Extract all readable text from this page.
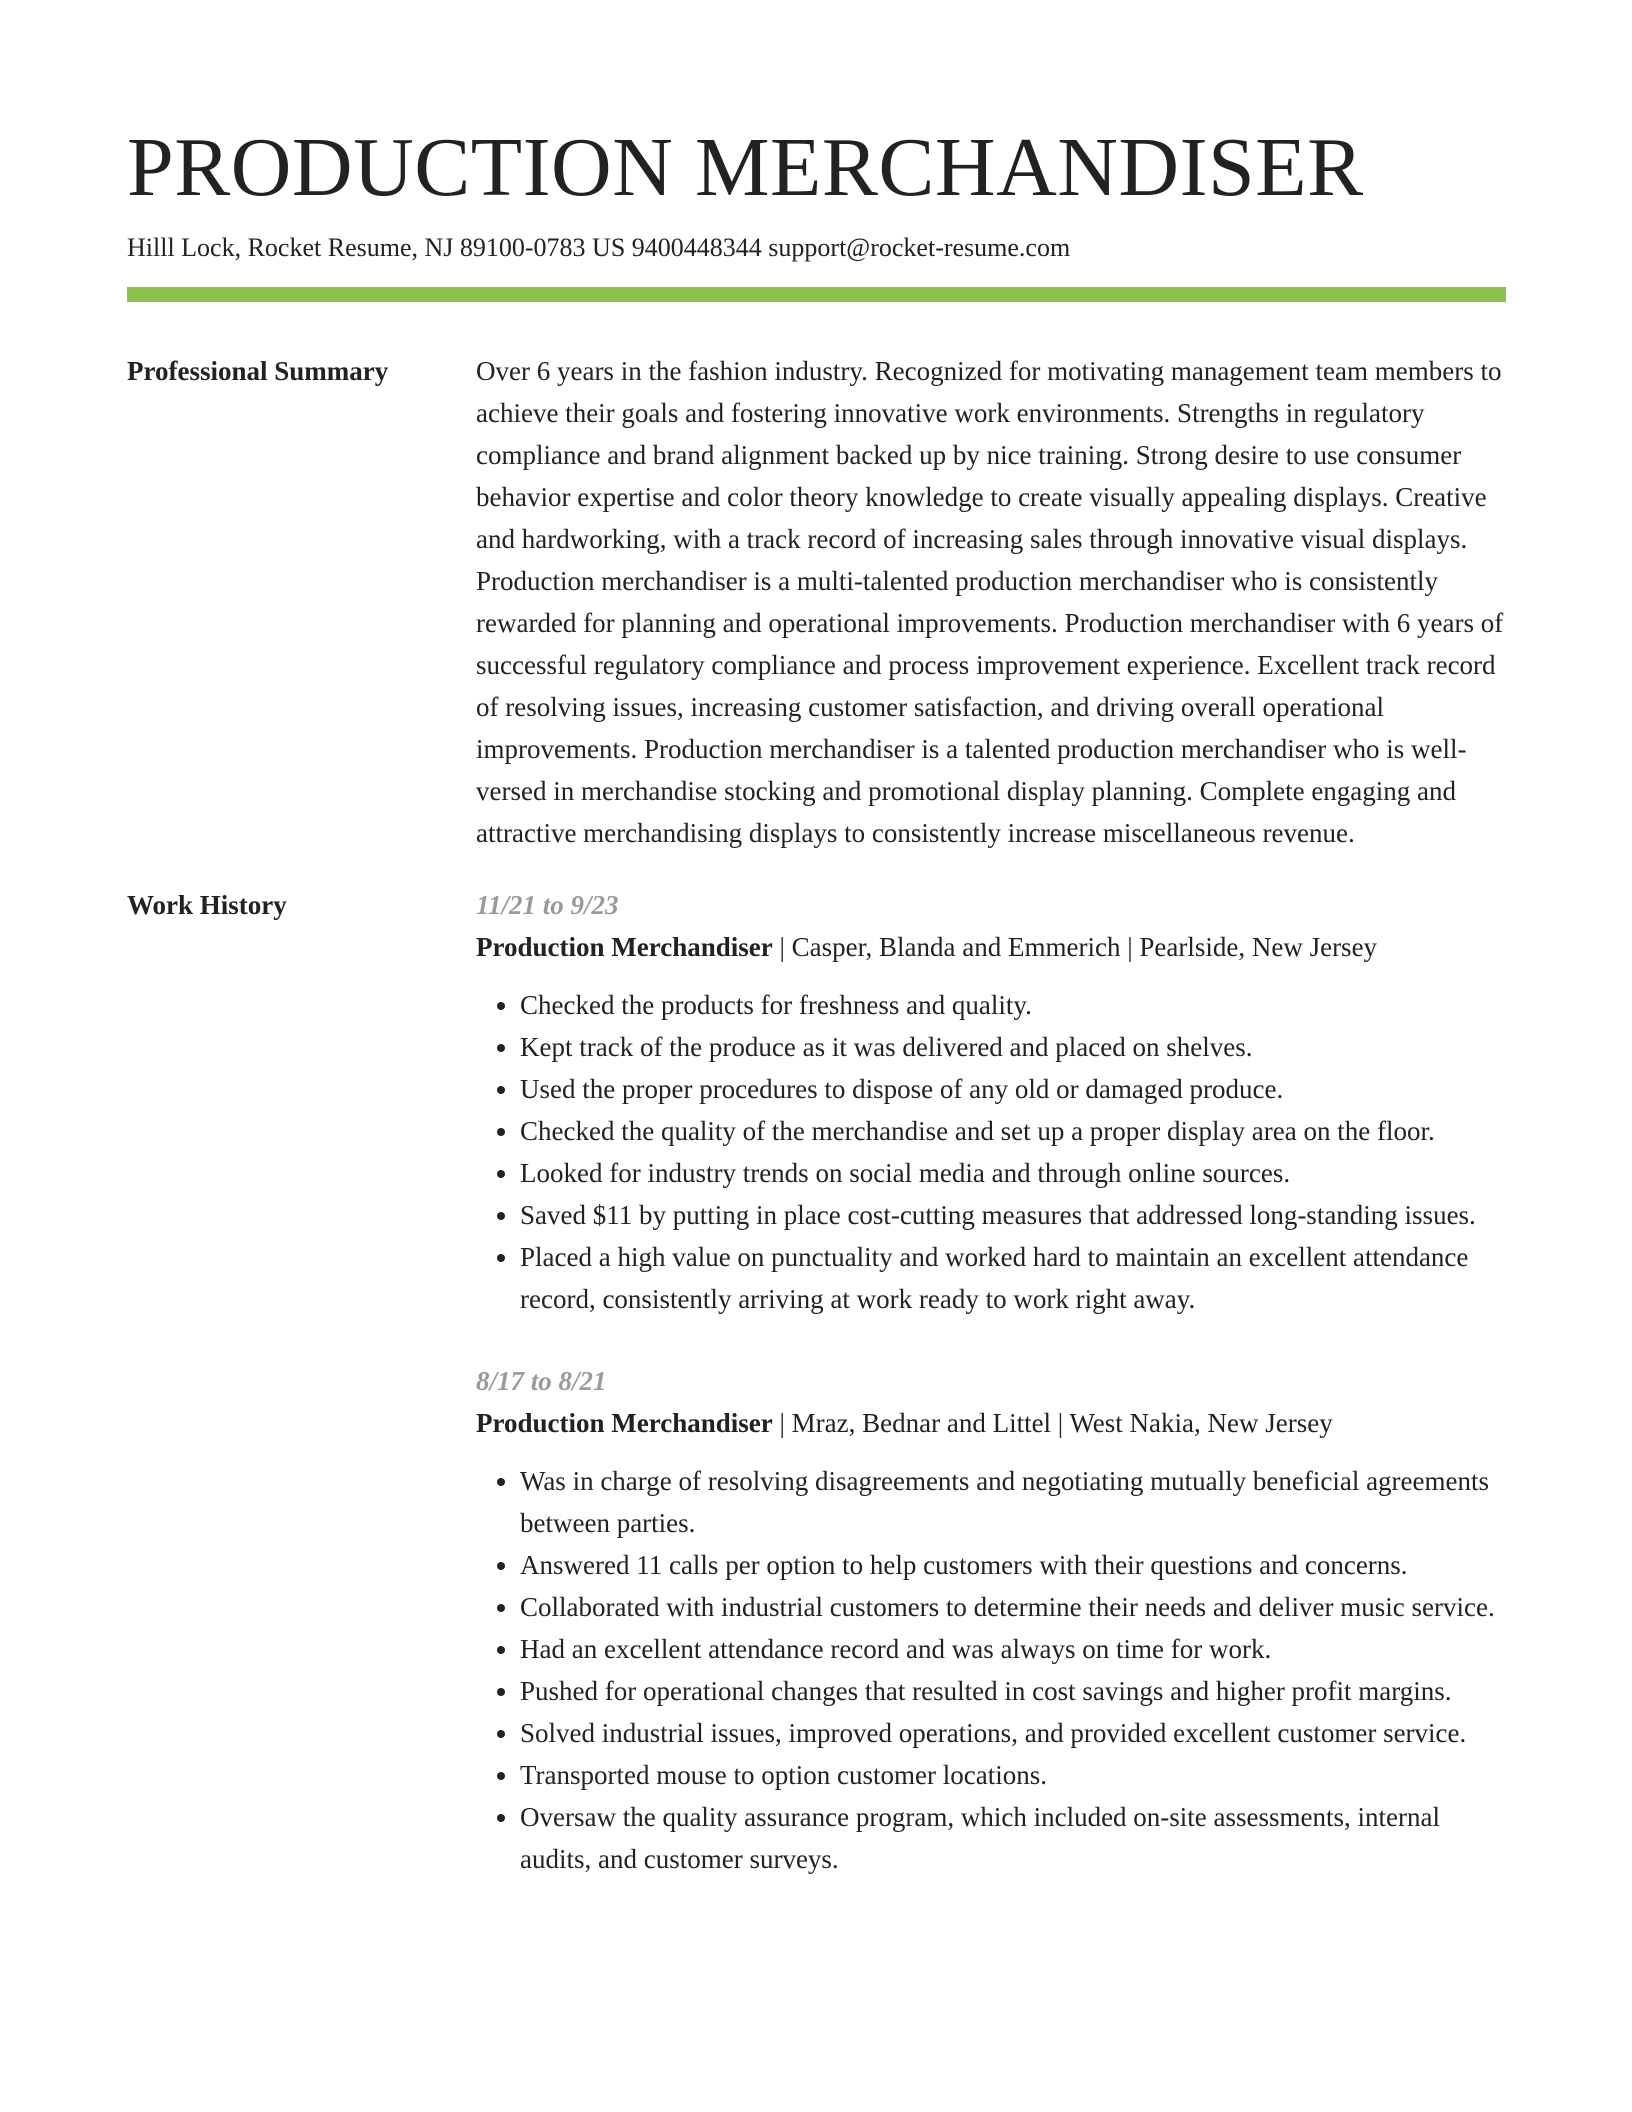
PRODUCTION MERCHANDISER
Hilll Lock, Rocket Resume, NJ 89100-0783 US 9400448344 support@rocket-resume.com
Professional Summary	Over 6 years in the fashion industry. Recognized for motivating management team members to achieve their goals and fostering innovative work environments. Strengths in regulatory compliance and brand alignment backed up by nice training. Strong desire to use consumer behavior expertise and color theory knowledge to create visually appealing displays. Creative and hardworking, with a track record of increasing sales through innovative visual displays. Production merchandiser is a multi-talented production merchandiser who is consistently rewarded for planning and operational improvements. Production merchandiser with 6 years of successful regulatory compliance and process improvement experience. Excellent track record of resolving issues, increasing customer satisfaction, and driving overall operational improvements. Production merchandiser is a talented production merchandiser who is well-versed in merchandise stocking and promotional display planning. Complete engaging and attractive merchandising displays to consistently increase miscellaneous revenue.

Work History	11/21 to 9/23
Production Merchandiser | Casper, Blanda and Emmerich | Pearlside, New Jersey
• Checked the products for freshness and quality.
• Kept track of the produce as it was delivered and placed on shelves.
• Used the proper procedures to dispose of any old or damaged produce.
• Checked the quality of the merchandise and set up a proper display area on the floor.
• Looked for industry trends on social media and through online sources.
• Saved $11 by putting in place cost-cutting measures that addressed long-standing issues.
• Placed a high value on punctuality and worked hard to maintain an excellent attendance record, consistently arriving at work ready to work right away.
8/17 to 8/21
Production Merchandiser | Mraz, Bednar and Littel | West Nakia, New Jersey
• Was in charge of resolving disagreements and negotiating mutually beneficial agreements between parties.
• Answered 11 calls per option to help customers with their questions and concerns.
• Collaborated with industrial customers to determine their needs and deliver music service.
• Had an excellent attendance record and was always on time for work.
• Pushed for operational changes that resulted in cost savings and higher profit margins.
• Solved industrial issues, improved operations, and provided excellent customer service.
• Transported mouse to option customer locations.
• Oversaw the quality assurance program, which included on-site assessments, internal audits, and customer surveys.
